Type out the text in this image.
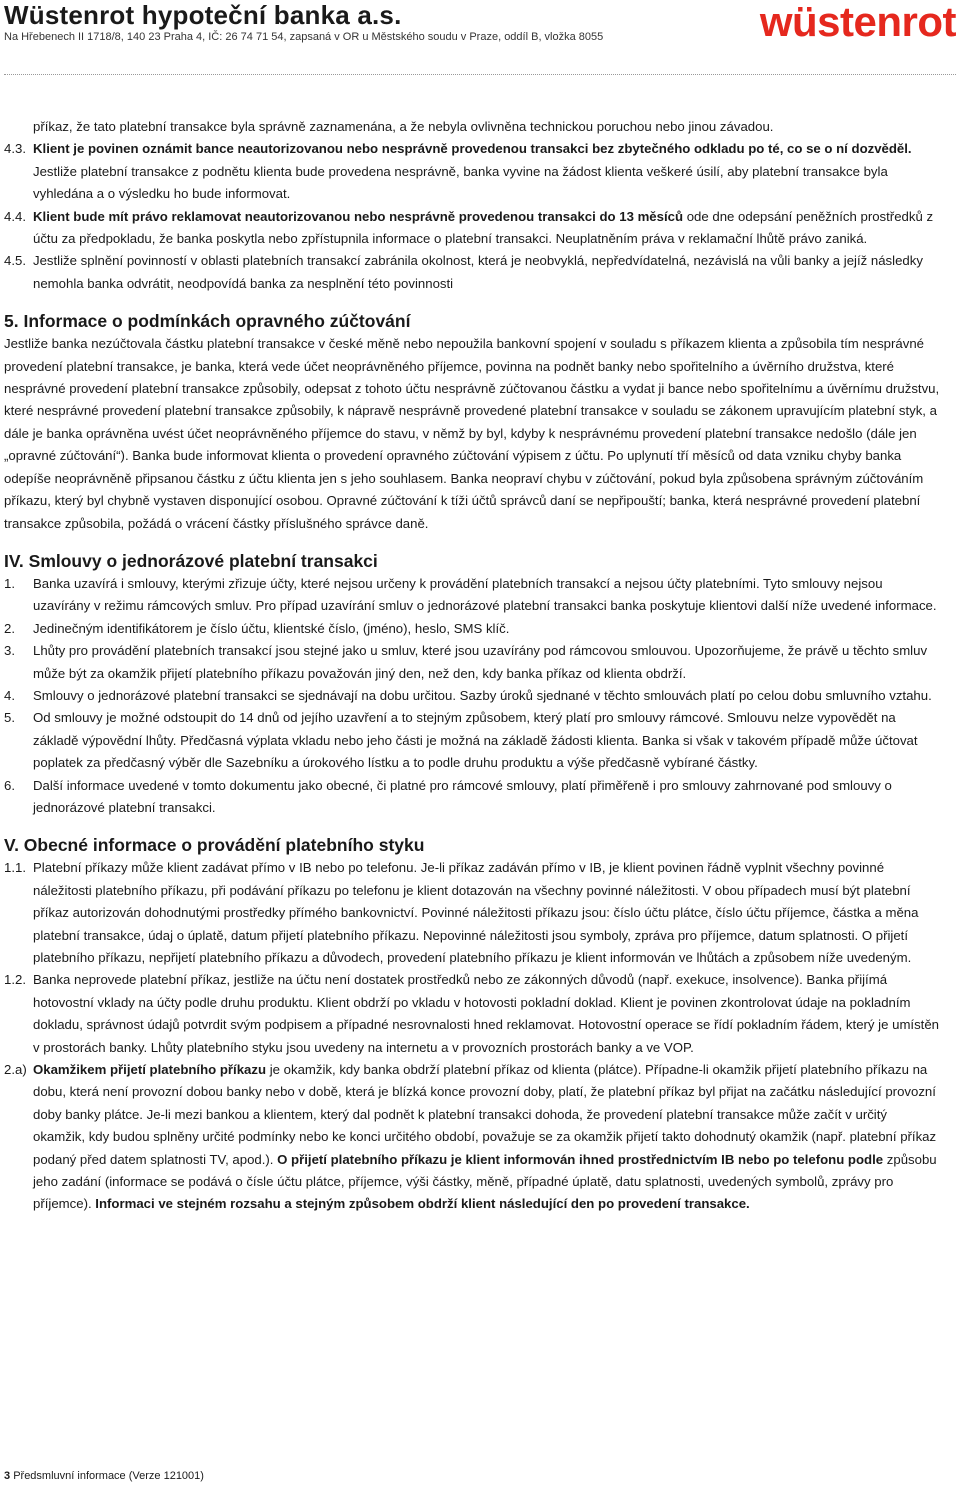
Wüstenrot hypoteční banka a.s.
Na Hřebenech II 1718/8, 140 23 Praha 4, IČ: 26 74 71 54, zapsaná v OR u Městského soudu v Praze, oddíl B, vložka 8055	wüstenrot

příkaz, že tato platební transakce byla správně zaznamenána, a že nebyla ovlivněna technickou poruchou nebo jinou závadou.

4.3. Klient je povinen oznámit bance neautorizovanou nebo nesprávně provedenou transakci bez zbytečného odkladu po té, co se o ní dozvěděl. Jestliže platební transakce z podnětu klienta bude provedena nesprávně, banka vyvine na žádost klienta veškeré úsilí, aby platební transakce byla vyhledána a o výsledku ho bude informovat.

4.4. Klient bude mít právo reklamovat neautorizovanou nebo nesprávně provedenou transakci do 13 měsíců ode dne odepsání peněžních prostředků z účtu za předpokladu, že banka poskytla nebo zpřístupnila informace o platební transakci. Neuplatněním práva v reklamační lhůtě právo zaniká.

4.5. Jestliže splnění povinností v oblasti platebních transakcí zabránila okolnost, která je neobvyklá, nepředvídatelná, nezávislá na vůli banky a jejíž následky nemohla banka odvrátit, neodpovídá banka za nesplnění této povinnosti

5. Informace o podmínkách opravného zúčtování

Jestliže banka nezúčtovala částku platební transakce v české měně nebo nepoužila bankovní spojení v souladu s příkazem klienta a způsobila tím nesprávné provedení platební transakce, je banka, která vede účet neoprávněného příjemce, povinna na podnět banky nebo spořitelního a úvěrního družstva, které nesprávné provedení platební transakce způsobily, odepsat z tohoto účtu nesprávně zúčtovanou částku a vydat ji bance nebo spořitelnímu a úvěrnímu družstvu, které nesprávné provedení platební transakce způsobily, k nápravě nesprávně provedené platební transakce v souladu se zákonem upravujícím platební styk, a dále je banka oprávněna uvést účet neoprávněného příjemce do stavu, v němž by byl, kdyby k nesprávnému provedení platební transakce nedošlo (dále jen „opravné zúčtování“). Banka bude informovat klienta o provedení opravného zúčtování výpisem z účtu. Po uplynutí tří měsíců od data vzniku chyby banka odepíše neoprávněně připsanou částku z účtu klienta jen s jeho souhlasem. Banka neopraví chybu v zúčtování, pokud byla způsobena správným zúčtováním příkazu, který byl chybně vystaven disponující osobou. Opravné zúčtování k tíži účtů správců daní se nepřipouští; banka, která nesprávné provedení platební transakce způsobila, požádá o vrácení částky příslušného správce daně.

IV. Smlouvy o jednorázové platební transakci

1. Banka uzavírá i smlouvy, kterými zřizuje účty, které nejsou určeny k provádění platebních transakcí a nejsou účty platebními. Tyto smlouvy nejsou uzavírány v režimu rámcových smluv. Pro případ uzavírání smluv o jednorázové platební transakci banka poskytuje klientovi další níže uvedené informace.

2. Jedinečným identifikátorem je číslo účtu, klientské číslo, (jméno), heslo, SMS klíč.

3. Lhůty pro provádění platebních transakcí jsou stejné jako u smluv, které jsou uzavírány pod rámcovou smlouvou. Upozorňujeme, že právě u těchto smluv může být za okamžik přijetí platebního příkazu považován jiný den, než den, kdy banka příkaz od klienta obdrží.

4. Smlouvy o jednorázové platební transakci se sjednávají na dobu určitou. Sazby úroků sjednané v těchto smlouvách platí po celou dobu smluvního vztahu.

5. Od smlouvy je možné odstoupit do 14 dnů od jejího uzavření a to stejným způsobem, který platí pro smlouvy rámcové. Smlouvu nelze vypovědět na základě výpovědní lhůty. Předčasná výplata vkladu nebo jeho části je možná na základě žádosti klienta. Banka si však v takovém případě může účtovat poplatek za předčasný výběr dle Sazebníku a úrokového lístku a to podle druhu produktu a výše předčasně vybírané částky.

6. Další informace uvedené v tomto dokumentu jako obecné, či platné pro rámcové smlouvy, platí přiměřeně i pro smlouvy zahrnované pod smlouvy o jednorázové platební transakci.

V. Obecné informace o provádění platebního styku

1.1. Platební příkazy může klient zadávat přímo v IB nebo po telefonu. Je-li příkaz zadáván přímo v IB, je klient povinen řádně vyplnit všechny povinné náležitosti platebního příkazu, při podávání příkazu po telefonu je klient dotazován na všechny povinné náležitosti. V obou případech musí být platební příkaz autorizován dohodnutými prostředky přímého bankovnictví. Povinné náležitosti příkazu jsou: číslo účtu plátce, číslo účtu příjemce, částka a měna platební transakce, údaj o úplatě, datum přijetí platebního příkazu. Nepovinné náležitosti jsou symboly, zpráva pro příjemce, datum splatnosti. O přijetí platebního příkazu, nepřijetí platebního příkazu a důvodech, provedení platebního příkazu je klient informován ve lhůtách a způsobem níže uvedeným.

1.2. Banka neprovede platební příkaz, jestliže na účtu není dostatek prostředků nebo ze zákonných důvodů (např. exekuce, insolvence). Banka přijímá hotovostní vklady na účty podle druhu produktu. Klient obdrží po vkladu v hotovosti pokladní doklad. Klient je povinen zkontrolovat údaje na pokladním dokladu, správnost údajů potvrdit svým podpisem a případné nesrovnalosti hned reklamovat. Hotovostní operace se řídí pokladním řádem, který je umístěn v prostorách banky. Lhůty platebního styku jsou uvedeny na internetu a v provozních prostorách banky a ve VOP.

2.a) Okamžikem přijetí platebního příkazu je okamžik, kdy banka obdrží platební příkaz od klienta (plátce). Případne-li okamžik přijetí platebního příkazu na dobu, která není provozní dobou banky nebo v době, která je blízká konce provozní doby, platí, že platební příkaz byl přijat na začátku následující provozní doby banky plátce. Je-li mezi bankou a klientem, který dal podnět k platební transakci dohoda, že provedení platební transakce může začít v určitý okamžik, kdy budou splněny určité podmínky nebo ke konci určitého období, považuje se za okamžik přijetí takto dohodnutý okamžik (např. platební příkaz podaný před datem splatnosti TV, apod.). O přijetí platebního příkazu je klient informován ihned prostřednictvím IB nebo po telefonu podle způsobu jeho zadání (informace se podává o čísle účtu plátce, příjemce, výši částky, měně, případné úplatě, datu splatnosti, uvedených symbolů, zprávy pro příjemce). Informaci ve stejném rozsahu a stejným způsobem obdrží klient následující den po provedení transakce.

3 Předsmluvní informace (Verze 121001)
